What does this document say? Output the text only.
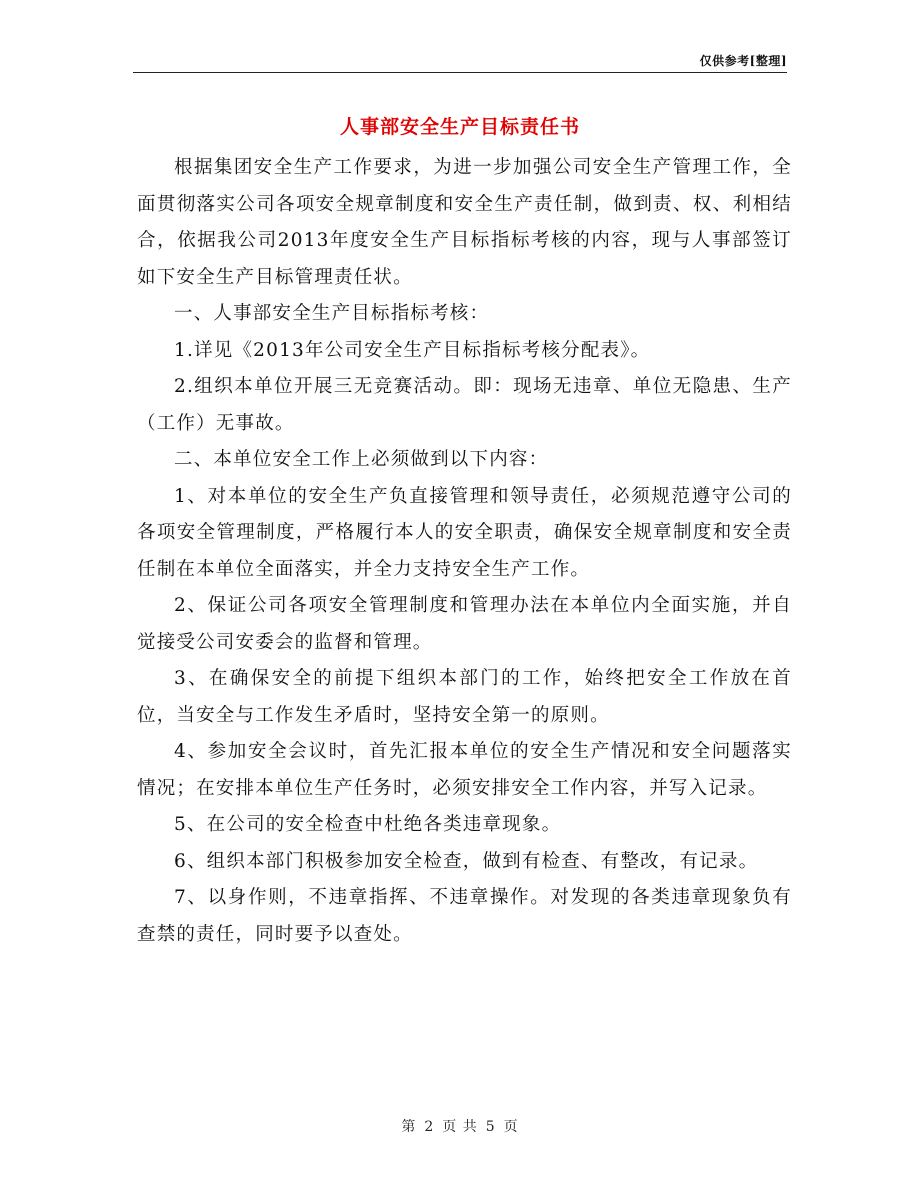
仅供参考[整理]
人事部安全生产目标责任书

根据集团安全生产工作要求，为进一步加强公司安全生产管理工作，全面贯彻落实公司各项安全规章制度和安全生产责任制，做到责、权、利相结合，依据我公司2013年度安全生产目标指标考核的内容，现与人事部签订如下安全生产目标管理责任状。

一、人事部安全生产目标指标考核：

1.详见《2013年公司安全生产目标指标考核分配表》。

2.组织本单位开展三无竞赛活动。即：现场无违章、单位无隐患、生产（工作）无事故。

二、本单位安全工作上必须做到以下内容：

1、对本单位的安全生产负直接管理和领导责任，必须规范遵守公司的各项安全管理制度，严格履行本人的安全职责，确保安全规章制度和安全责任制在本单位全面落实，并全力支持安全生产工作。

2、保证公司各项安全管理制度和管理办法在本单位内全面实施，并自觉接受公司安委会的监督和管理。

3、在确保安全的前提下组织本部门的工作，始终把安全工作放在首位，当安全与工作发生矛盾时，坚持安全第一的原则。

4、参加安全会议时，首先汇报本单位的安全生产情况和安全问题落实情况；在安排本单位生产任务时，必须安排安全工作内容，并写入记录。

5、在公司的安全检查中杜绝各类违章现象。

6、组织本部门积极参加安全检查，做到有检查、有整改，有记录。

7、以身作则，不违章指挥、不违章操作。对发现的各类违章现象负有查禁的责任，同时要予以查处。

第 2 页 共 5 页
